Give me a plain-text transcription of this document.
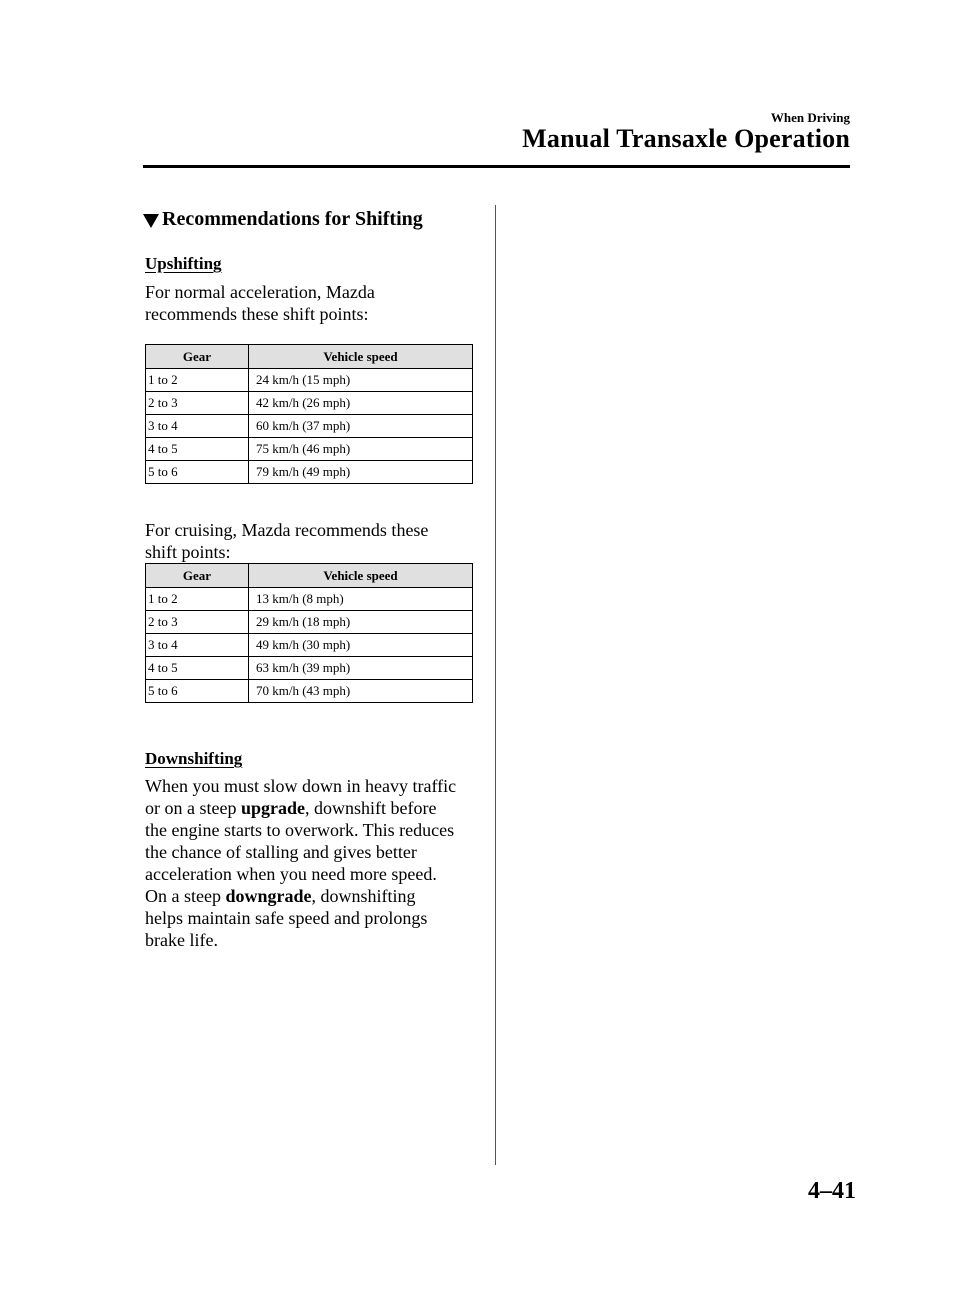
When Driving
Manual Transaxle Operation
Recommendations for Shifting
Upshifting
For normal acceleration, Mazda
recommends these shift points:
Gear	Vehicle speed
1 to 2	24 km/h (15 mph)
2 to 3	42 km/h (26 mph)
3 to 4	60 km/h (37 mph)
4 to 5	75 km/h (46 mph)
5 to 6	79 km/h (49 mph)
For cruising, Mazda recommends these
shift points:
Gear	Vehicle speed
1 to 2	13 km/h (8 mph)
2 to 3	29 km/h (18 mph)
3 to 4	49 km/h (30 mph)
4 to 5	63 km/h (39 mph)
5 to 6	70 km/h (43 mph)
Downshifting
When you must slow down in heavy traffic
or on a steep upgrade, downshift before
the engine starts to overwork. This reduces
the chance of stalling and gives better
acceleration when you need more speed.
On a steep downgrade, downshifting
helps maintain safe speed and prolongs
brake life.
4–41
